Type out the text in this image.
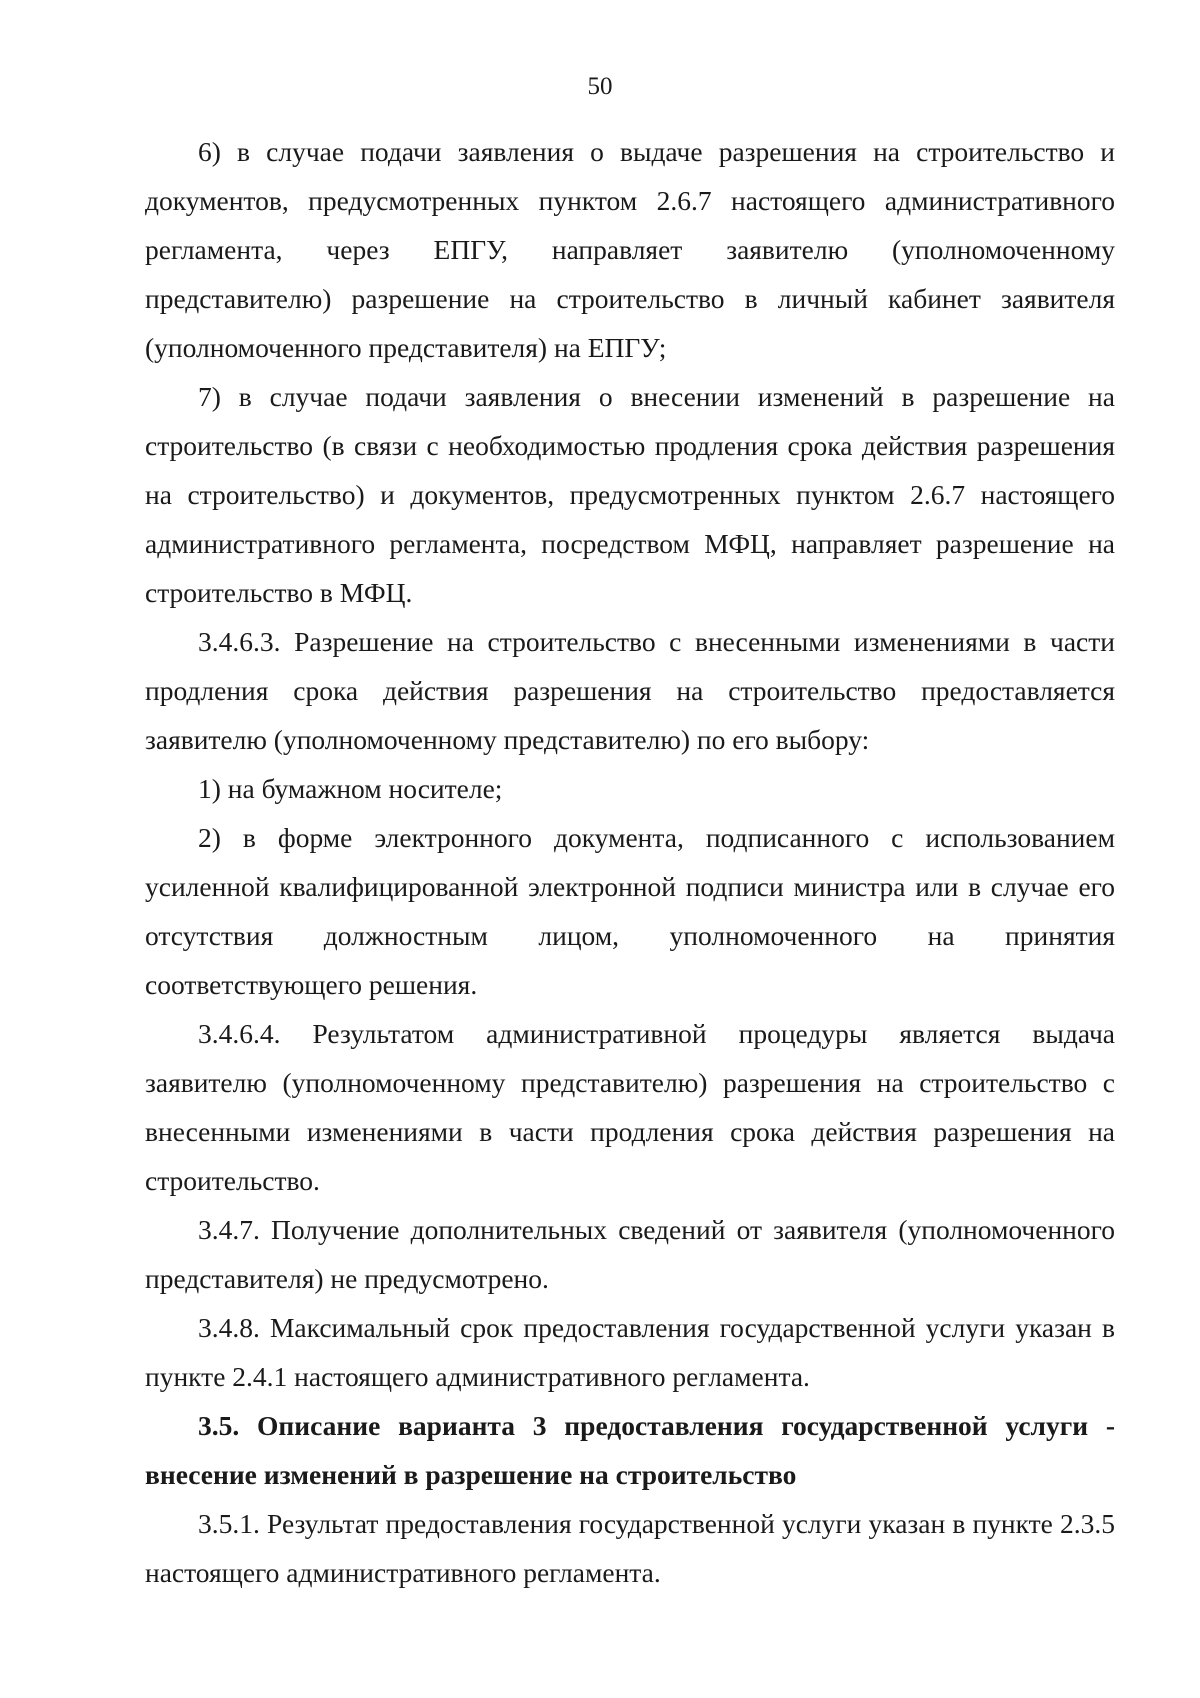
50

6) в случае подачи заявления о выдаче разрешения на строительство и документов, предусмотренных пунктом 2.6.7 настоящего административного регламента, через ЕПГУ, направляет заявителю (уполномоченному представителю) разрешение на строительство в личный кабинет заявителя (уполномоченного представителя) на ЕПГУ;

7) в случае подачи заявления о внесении изменений в разрешение на строительство (в связи с необходимостью продления срока действия разрешения на строительство) и документов, предусмотренных пунктом 2.6.7 настоящего административного регламента, посредством МФЦ, направляет разрешение на строительство в МФЦ.

3.4.6.3. Разрешение на строительство с внесенными изменениями в части продления срока действия разрешения на строительство предоставляется заявителю (уполномоченному представителю) по его выбору:

1) на бумажном носителе;

2) в форме электронного документа, подписанного с использованием усиленной квалифицированной электронной подписи министра или в случае его отсутствия должностным лицом, уполномоченного на принятия соответствующего решения.

3.4.6.4. Результатом административной процедуры является выдача заявителю (уполномоченному представителю) разрешения на строительство с внесенными изменениями в части продления срока действия разрешения на строительство.

3.4.7. Получение дополнительных сведений от заявителя (уполномоченного представителя) не предусмотрено.

3.4.8. Максимальный срок предоставления государственной услуги указан в пункте 2.4.1 настоящего административного регламента.

3.5. Описание варианта 3 предоставления государственной услуги - внесение изменений в разрешение на строительство

3.5.1. Результат предоставления государственной услуги указан в пункте 2.3.5 настоящего административного регламента.
